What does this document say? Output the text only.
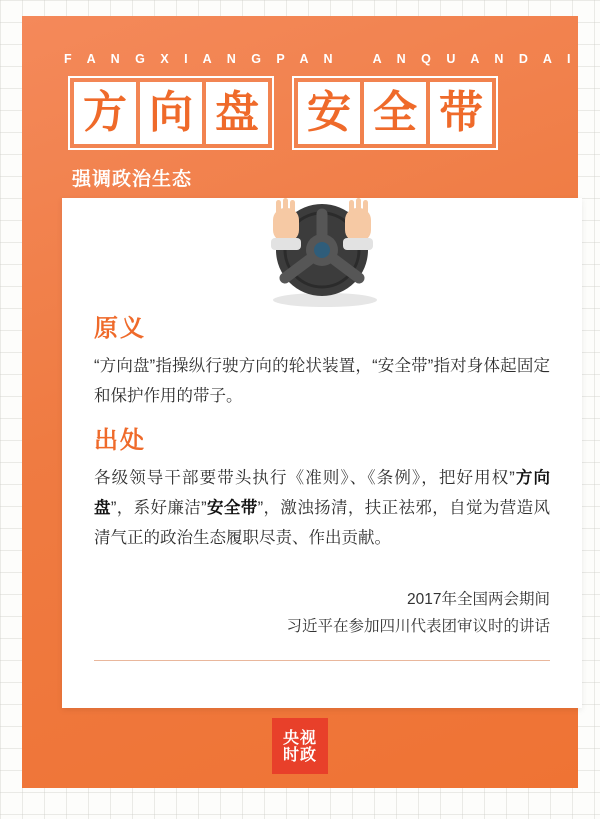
F A N G X I A N G P A N	A N Q U A N D A I
方 向 盘 安 全 带
强调政治生态
原义
“方向盘”指操纵行驶方向的轮状装置，“安全带”指对身体起固定和保护作用的带子。
出处
各级领导干部要带头执行《准则》、《条例》，把好用权”方向盘”，系好廉洁”安全带”，激浊扬清，扶正祛邪，自觉为营造风清气正的政治生态履职尽责、作出贡献。
2017年全国两会期间
习近平在参加四川代表团审议时的讲话
央视
时政
